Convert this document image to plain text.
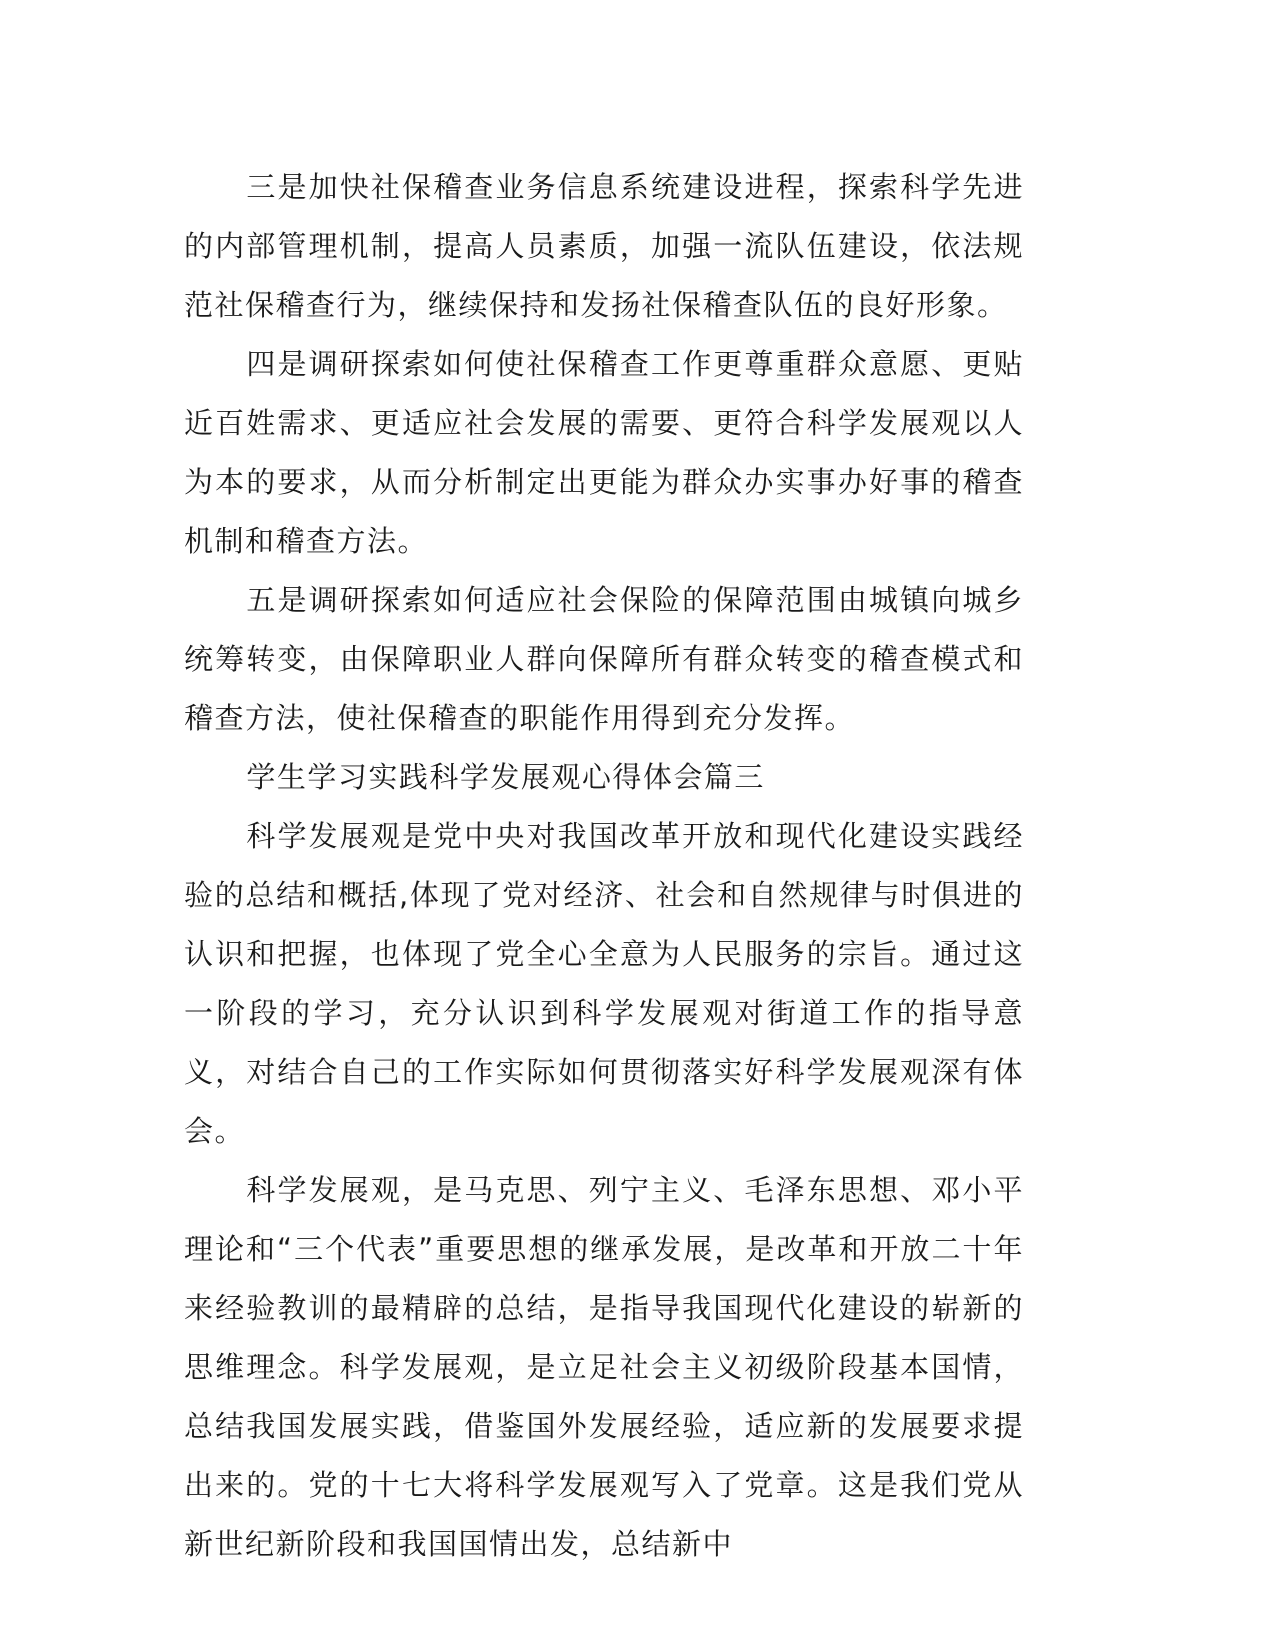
三是加快社保稽查业务信息系统建设进程，探索科学先进的内部管理机制，提高人员素质，加强一流队伍建设，依法规范社保稽查行为，继续保持和发扬社保稽查队伍的良好形象。

四是调研探索如何使社保稽查工作更尊重群众意愿、更贴近百姓需求、更适应社会发展的需要、更符合科学发展观以人为本的要求，从而分析制定出更能为群众办实事办好事的稽查机制和稽查方法。

五是调研探索如何适应社会保险的保障范围由城镇向城乡统筹转变，由保障职业人群向保障所有群众转变的稽查模式和稽查方法，使社保稽查的职能作用得到充分发挥。

学生学习实践科学发展观心得体会篇三

科学发展观是党中央对我国改革开放和现代化建设实践经验的总结和概括,体现了党对经济、社会和自然规律与时俱进的认识和把握，也体现了党全心全意为人民服务的宗旨。通过这一阶段的学习，充分认识到科学发展观对街道工作的指导意义，对结合自己的工作实际如何贯彻落实好科学发展观深有体会。

科学发展观，是马克思、列宁主义、毛泽东思想、邓小平理论和“三个代表”重要思想的继承发展，是改革和开放二十年来经验教训的最精辟的总结，是指导我国现代化建设的崭新的思维理念。科学发展观，是立足社会主义初级阶段基本国情，总结我国发展实践，借鉴国外发展经验，适应新的发展要求提出来的。党的十七大将科学发展观写入了党章。这是我们党从新世纪新阶段和我国国情出发，总结新中
